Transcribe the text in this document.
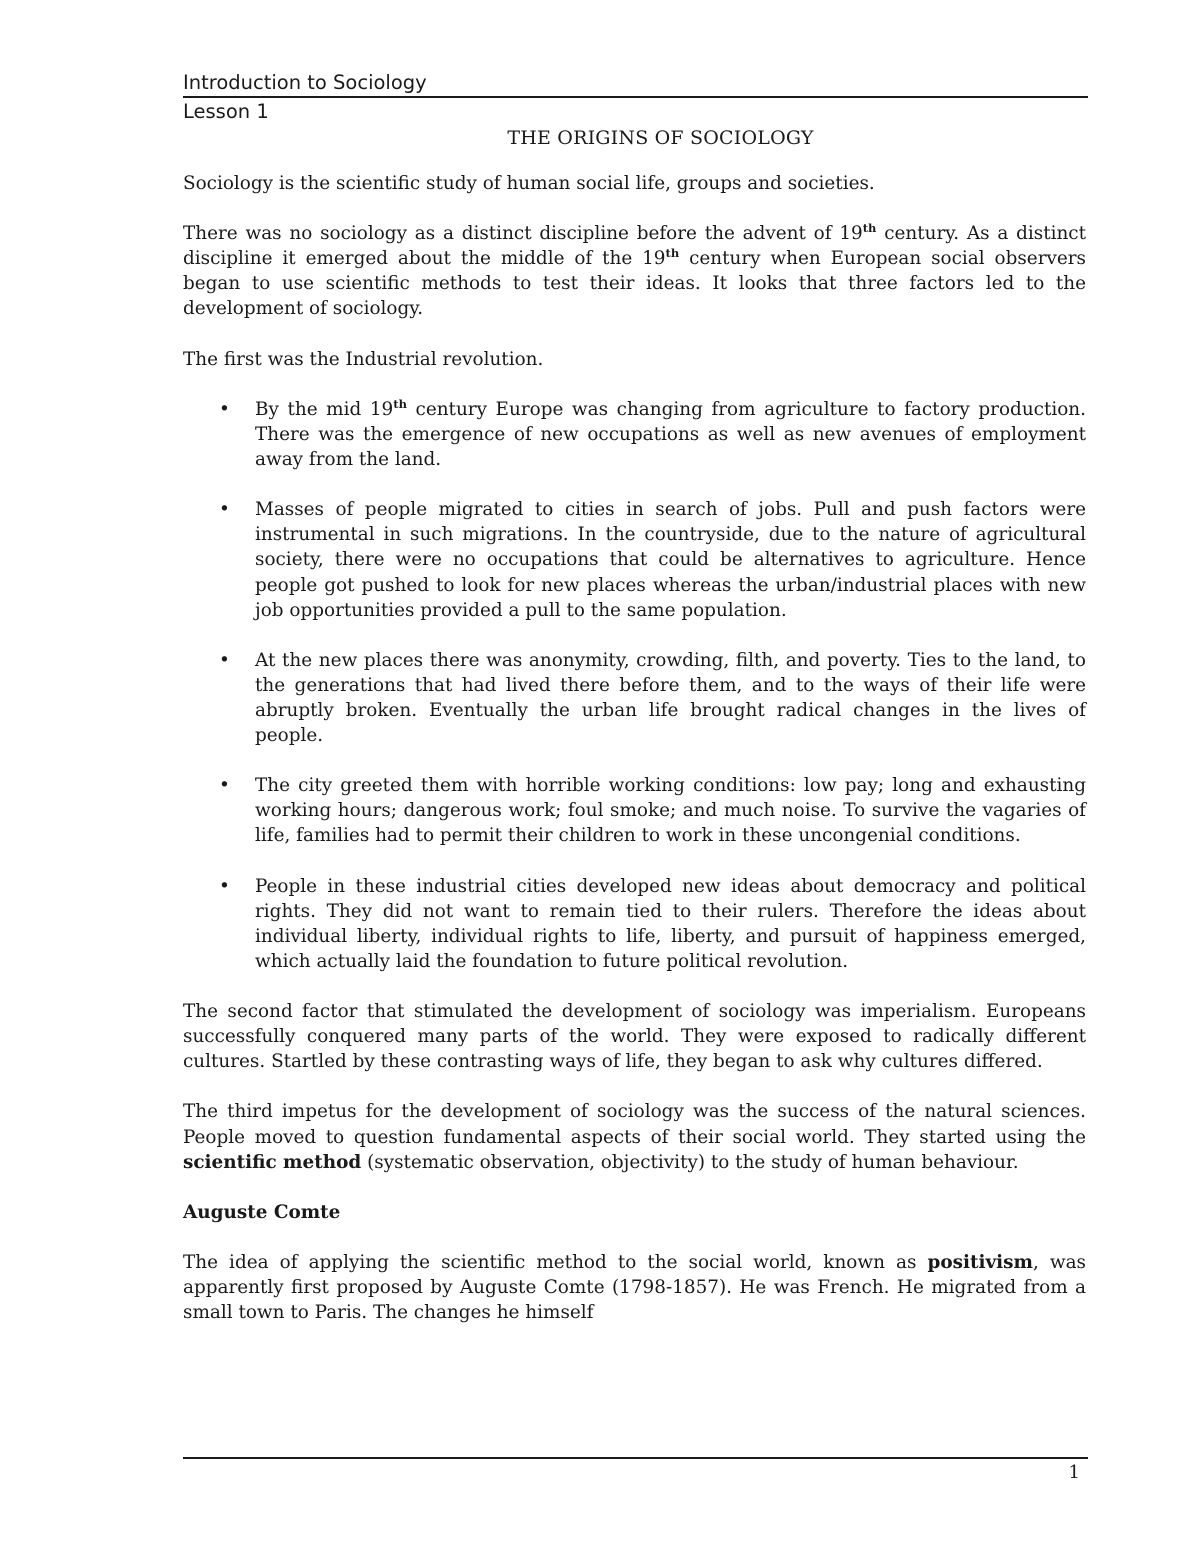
Introduction to Sociology
Lesson 1
THE ORIGINS OF SOCIOLOGY

Sociology is the scientific study of human social life, groups and societies.

There was no sociology as a distinct discipline before the advent of 19th century. As a distinct discipline it emerged about the middle of the 19th century when European social observers began to use scientific methods to test their ideas. It looks that three factors led to the development of sociology.

The first was the Industrial revolution.

• By the mid 19th century Europe was changing from agriculture to factory production. There was the emergence of new occupations as well as new avenues of employment away from the land.
• Masses of people migrated to cities in search of jobs. Pull and push factors were instrumental in such migrations. In the countryside, due to the nature of agricultural society, there were no occupations that could be alternatives to agriculture. Hence people got pushed to look for new places whereas the urban/industrial places with new job opportunities provided a pull to the same population.
• At the new places there was anonymity, crowding, filth, and poverty. Ties to the land, to the generations that had lived there before them, and to the ways of their life were abruptly broken. Eventually the urban life brought radical changes in the lives of people.
• The city greeted them with horrible working conditions: low pay; long and exhausting working hours; dangerous work; foul smoke; and much noise. To survive the vagaries of life, families had to permit their children to work in these uncongenial conditions.
• People in these industrial cities developed new ideas about democracy and political rights. They did not want to remain tied to their rulers. Therefore the ideas about individual liberty, individual rights to life, liberty, and pursuit of happiness emerged, which actually laid the foundation to future political revolution.

The second factor that stimulated the development of sociology was imperialism. Europeans successfully conquered many parts of the world. They were exposed to radically different cultures. Startled by these contrasting ways of life, they began to ask why cultures differed.

The third impetus for the development of sociology was the success of the natural sciences. People moved to question fundamental aspects of their social world. They started using the scientific method (systematic observation, objectivity) to the study of human behaviour.

Auguste Comte

The idea of applying the scientific method to the social world, known as positivism, was apparently first proposed by Auguste Comte (1798-1857). He was French. He migrated from a small town to Paris. The changes he himself

1
